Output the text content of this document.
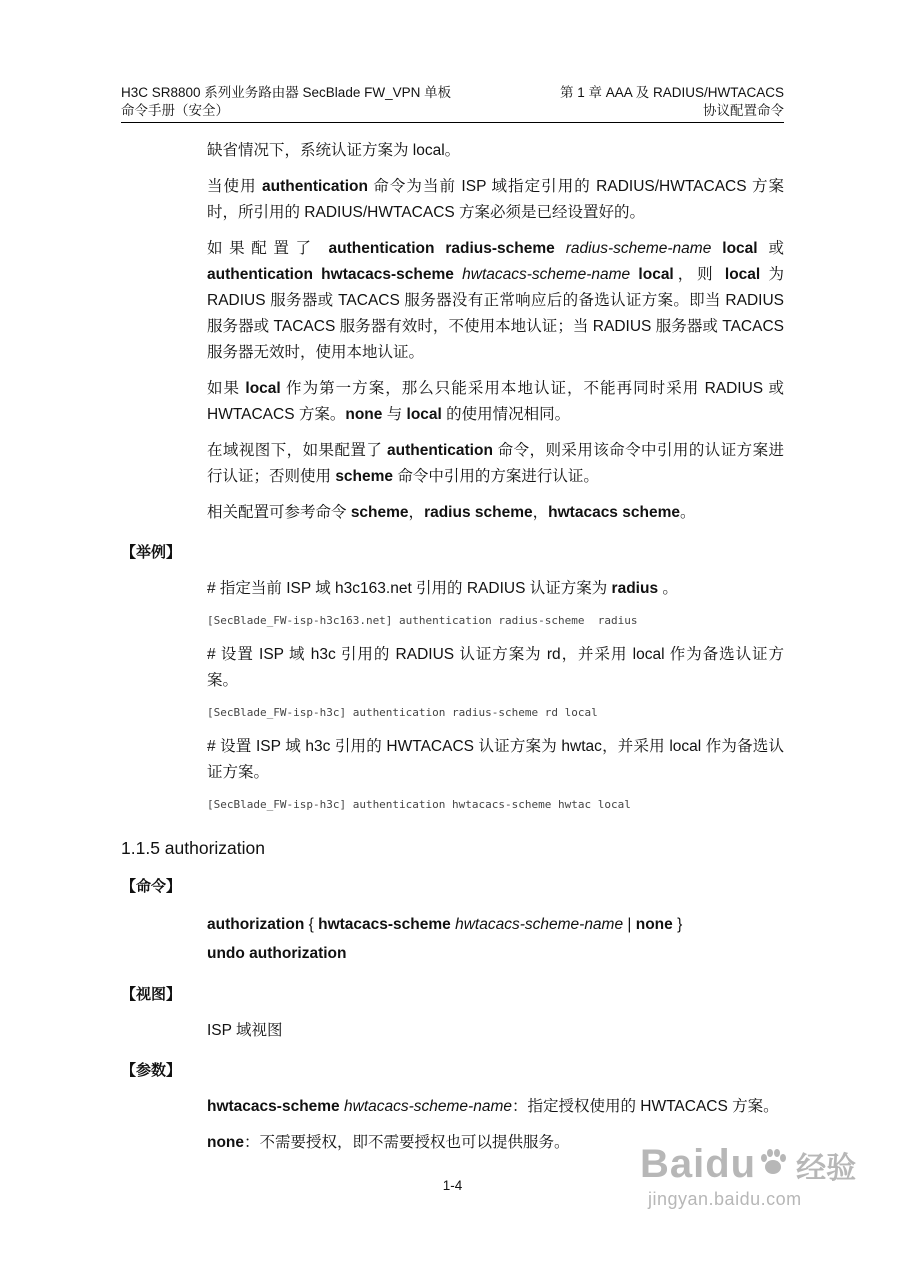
H3C SR8800 系列业务路由器 SecBlade FW_VPN 单板
命令手册（安全）
第 1 章 AAA 及 RADIUS/HWTACACS
协议配置命令
缺省情况下，系统认证方案为 local。
当使用 authentication 命令为当前 ISP 域指定引用的 RADIUS/HWTACACS 方案时，所引用的 RADIUS/HWTACACS 方案必须是已经设置好的。
如果配置了 authentication radius-scheme radius-scheme-name local 或 authentication hwtacacs-scheme hwtacacs-scheme-name local，则 local 为 RADIUS 服务器或 TACACS 服务器没有正常响应后的备选认证方案。即当 RADIUS 服务器或 TACACS 服务器有效时，不使用本地认证；当 RADIUS 服务器或 TACACS 服务器无效时，使用本地认证。
如果 local 作为第一方案，那么只能采用本地认证，不能再同时采用 RADIUS 或 HWTACACS 方案。none 与 local 的使用情况相同。
在域视图下，如果配置了 authentication 命令，则采用该命令中引用的认证方案进行认证；否则使用 scheme 命令中引用的方案进行认证。
相关配置可参考命令 scheme，radius scheme，hwtacacs scheme。
【举例】
# 指定当前 ISP 域 h3c163.net 引用的 RADIUS 认证方案为 radius 。
[SecBlade_FW-isp-h3c163.net] authentication radius-scheme  radius
# 设置 ISP 域 h3c 引用的 RADIUS 认证方案为 rd，并采用 local 作为备选认证方案。
[SecBlade_FW-isp-h3c] authentication radius-scheme rd local
# 设置 ISP 域 h3c 引用的 HWTACACS 认证方案为 hwtac，并采用 local 作为备选认证方案。
[SecBlade_FW-isp-h3c] authentication hwtacacs-scheme hwtac local
1.1.5 authorization
【命令】
authorization { hwtacacs-scheme hwtacacs-scheme-name | none }
undo authorization
【视图】
ISP 域视图
【参数】
hwtacacs-scheme hwtacacs-scheme-name：指定授权使用的 HWTACACS 方案。
none：不需要授权，即不需要授权也可以提供服务。
1-4	Baidu 经验
jingyan.baidu.com
